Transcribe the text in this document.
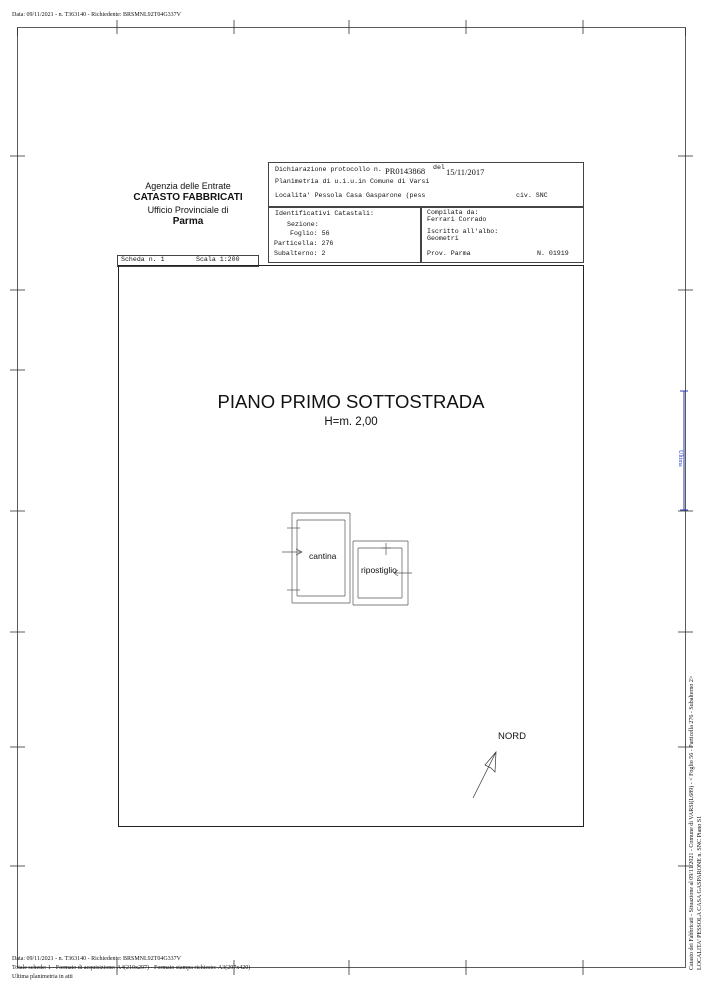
Data: 09/11/2021 - n. T363140 - Richiedente: BRSMNL92T04G337V
Agenzia delle Entrate
CATASTO FABBRICATI
Ufficio Provinciale di
Parma
Dichiarazione protocollo n. PR0143868 del 15/11/2017
Planimetria di u.i.u.in Comune di Varsi
Localita' Pessola Casa Gasparone (pess	civ. SNC
Identificativi Catastali:
Sezione:
Foglio: 56
Particella: 276
Subalterno: 2
Compilata da:
Ferrari Corrado
Iscritto all'albo:
Geometri
Prov. Parma	N. 01919
Scheda n. 1	Scala 1:200
PIANO PRIMO SOTTOSTRADA
H=m. 2,00
cantina
ripostiglio
NORD
Ultima
Catasto dei Fabbricati - Situazione al 09/11/2021 - Comune di VARSI(L689) - < Foglio 56 - Particella 276 - Subalterno 2> LOCALITA' PESSOLA CASA GASPARONE n. SNC Piano S1
Data: 09/11/2021 - n. T363140 - Richiedente: BRSMNL92T04G337V
Totale schede: 1 - Formato di acquisizione: A4(210x297) - Formato stampa richiesto: A3(297x420)
Ultima planimetria in atti
